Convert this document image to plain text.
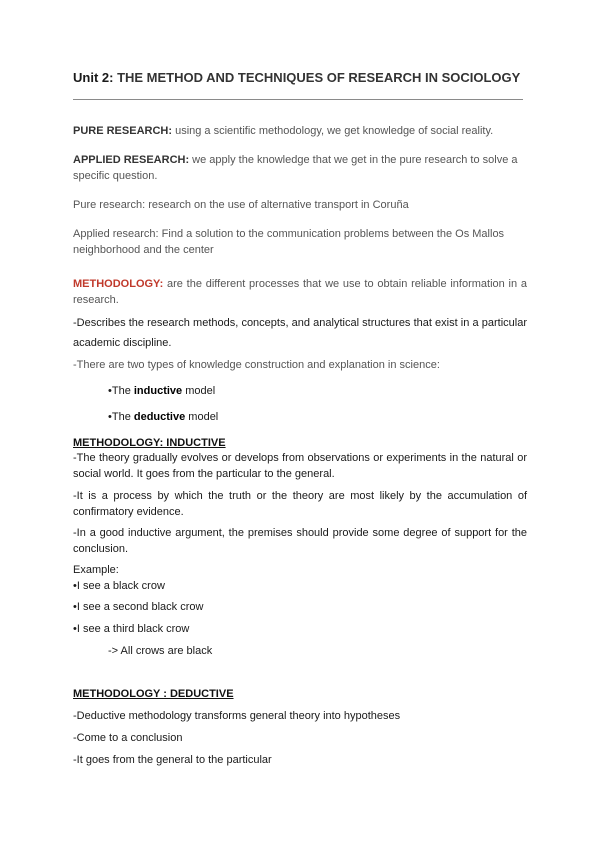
Unit 2: THE METHOD AND TECHNIQUES OF RESEARCH IN SOCIOLOGY

PURE RESEARCH: using a scientific methodology, we get knowledge of social reality.

APPLIED RESEARCH: we apply the knowledge that we get in the pure research to solve a specific question.

Pure research: research on the use of alternative transport in Coruña

Applied research: Find a solution to the communication problems between the Os Mallos neighborhood and the center

METHODOLOGY: are the different processes that we use to obtain reliable information in a research.

-Describes the research methods, concepts, and analytical structures that exist in a particular academic discipline.

-There are two types of knowledge construction and explanation in science:

•The inductive model

•The deductive model

METHODOLOGY: INDUCTIVE

-The theory gradually evolves or develops from observations or experiments in the natural or social world. It goes from the particular to the general.

-It is a process by which the truth or the theory are most likely by the accumulation of confirmatory evidence.

-In a good inductive argument, the premises should provide some degree of support for the conclusion.

Example:

•I see a black crow

•I see a second black crow

•I see a third black crow

-> All crows are black

METHODOLOGY : DEDUCTIVE

-Deductive methodology transforms general theory into hypotheses

-Come to a conclusion

-It goes from the general to the particular
